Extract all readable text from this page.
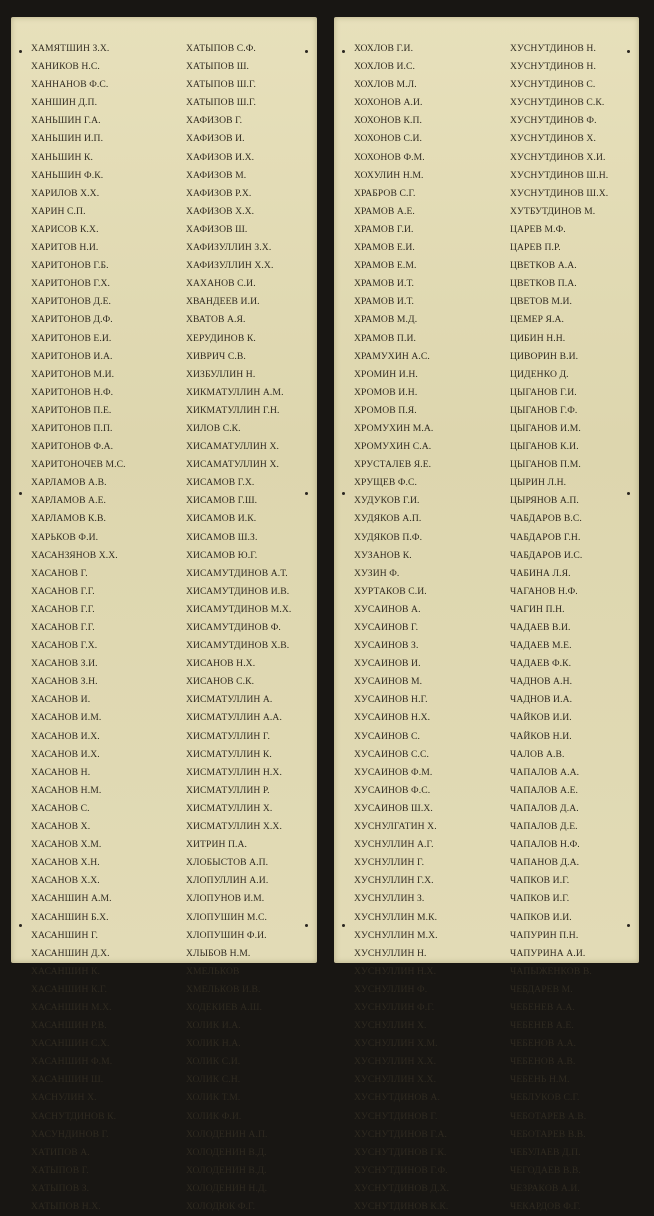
ХАМЯТШИН З.Х.
ХАНИКОВ Н.С.
ХАННАНОВ Ф.С.
ХАНШИН Д.П.
ХАНЬШИН Г.А.
ХАНЬШИН И.П.
ХАНЬШИН К.
ХАНЬШИН Ф.К.
ХАРИЛОВ Х.Х.
ХАРИН С.П.
ХАРИСОВ К.Х.
ХАРИТОВ Н.И.
ХАРИТОНОВ Г.Б.
ХАРИТОНОВ Г.Х.
ХАРИТОНОВ Д.Е.
ХАРИТОНОВ Д.Ф.
ХАРИТОНОВ Е.И.
ХАРИТОНОВ И.А.
ХАРИТОНОВ М.И.
ХАРИТОНОВ Н.Ф.
ХАРИТОНОВ П.Е.
ХАРИТОНОВ П.П.
ХАРИТОНОВ Ф.А.
ХАРИТОНОЧЕВ М.С.
ХАРЛАМОВ А.В.
ХАРЛАМОВ А.Е.
ХАРЛАМОВ К.В.
ХАРЬКОВ Ф.И.
ХАСАНЗЯНОВ Х.Х.
ХАСАНОВ Г.
ХАСАНОВ Г.Г.
ХАСАНОВ Г.Г.
ХАСАНОВ Г.Г.
ХАСАНОВ Г.Х.
ХАСАНОВ З.И.
ХАСАНОВ З.Н.
ХАСАНОВ И.
ХАСАНОВ И.М.
ХАСАНОВ И.Х.
ХАСАНОВ И.Х.
ХАСАНОВ Н.
ХАСАНОВ Н.М.
ХАСАНОВ С.
ХАСАНОВ Х.
ХАСАНОВ Х.М.
ХАСАНОВ Х.Н.
ХАСАНОВ Х.Х.
ХАСАНШИН А.М.
ХАСАНШИН Б.Х.
ХАСАНШИН Г.
ХАСАНШИН Д.Х.
ХАСАНШИН К.
ХАСАНШИН К.Г.
ХАСАНШИН М.Х.
ХАСАНШИН Р.В.
ХАСАНШИН С.Х.
ХАСАНШИН Ф.М.
ХАСАНШИН Ш.
ХАСНУЛИН Х.
ХАСНУТДИНОВ К.
ХАСУНДИНОВ Г.
ХАТИПОВ А.
ХАТЫПОВ Г.
ХАТЫПОВ З.
ХАТЫПОВ Н.Х.
ХАТЫПОВ С.Ф.
ХАТЫПОВ Ш.
ХАТЫПОВ Ш.Г.
ХАТЫПОВ Ш.Г.
ХАФИЗОВ Г.
ХАФИЗОВ И.
ХАФИЗОВ И.Х.
ХАФИЗОВ М.
ХАФИЗОВ Р.Х.
ХАФИЗОВ Х.Х.
ХАФИЗОВ Ш.
ХАФИЗУЛЛИН З.Х.
ХАФИЗУЛЛИН Х.Х.
ХАХАНОВ С.И.
ХВАНДЕЕВ И.И.
ХВАТОВ А.Я.
ХЕРУДИНОВ К.
ХИВРИЧ С.В.
ХИЗБУЛЛИН Н.
ХИКМАТУЛЛИН А.М.
ХИКМАТУЛЛИН Г.Н.
ХИЛОВ С.К.
ХИСАМАТУЛЛИН Х.
ХИСАМАТУЛЛИН Х.
ХИСАМОВ Г.Х.
ХИСАМОВ Г.Ш.
ХИСАМОВ И.К.
ХИСАМОВ Ш.З.
ХИСАМОВ Ю.Г.
ХИСАМУТДИНОВ А.Т.
ХИСАМУТДИНОВ И.В.
ХИСАМУТДИНОВ М.Х.
ХИСАМУТДИНОВ Ф.
ХИСАМУТДИНОВ Х.В.
ХИСАНОВ Н.Х.
ХИСАНОВ С.К.
ХИСМАТУЛЛИН А.
ХИСМАТУЛЛИН А.А.
ХИСМАТУЛЛИН Г.
ХИСМАТУЛЛИН К.
ХИСМАТУЛЛИН Н.Х.
ХИСМАТУЛЛИН Р.
ХИСМАТУЛЛИН Х.
ХИСМАТУЛЛИН Х.Х.
ХИТРИН П.А.
ХЛОБЫСТОВ А.П.
ХЛОПУЛЛИН А.И.
ХЛОПУНОВ И.М.
ХЛОПУШИН М.С.
ХЛОПУШИН Ф.И.
ХЛЫБОВ Н.М.
ХМЕЛЬКОВ
ХМЕЛЬКОВ И.В.
ХОДЕКИЕВ А.Ш.
ХОЛИК И.А.
ХОЛИК Н.А.
ХОЛИК С.И.
ХОЛИК С.Н.
ХОЛИК Т.М.
ХОЛИК Ф.И.
ХОЛОДЕНИН А.П.
ХОЛОДЕНИН В.Д.
ХОЛОДЕНИН В.Д.
ХОЛОДЕНИН Н.Д.
ХОЛОДЮК Ф.Г.
ХОХЛОВ Г.И.
ХОХЛОВ И.С.
ХОХЛОВ М.Л.
ХОХОНОВ А.И.
ХОХОНОВ К.П.
ХОХОНОВ С.И.
ХОХОНОВ Ф.М.
ХОХУЛИН Н.М.
ХРАБРОВ С.Г.
ХРАМОВ А.Е.
ХРАМОВ Г.И.
ХРАМОВ Е.И.
ХРАМОВ Е.М.
ХРАМОВ И.Т.
ХРАМОВ И.Т.
ХРАМОВ М.Д.
ХРАМОВ П.И.
ХРАМУХИН А.С.
ХРОМИН И.Н.
ХРОМОВ И.Н.
ХРОМОВ П.Я.
ХРОМУХИН М.А.
ХРОМУХИН С.А.
ХРУСТАЛЕВ Я.Е.
ХРУЩЕВ Ф.С.
ХУДУКОВ Г.И.
ХУДЯКОВ А.П.
ХУДЯКОВ П.Ф.
ХУЗАНОВ К.
ХУЗИН Ф.
ХУРТАКОВ С.И.
ХУСАИНОВ А.
ХУСАИНОВ Г.
ХУСАИНОВ З.
ХУСАИНОВ И.
ХУСАИНОВ М.
ХУСАИНОВ Н.Г.
ХУСАИНОВ Н.Х.
ХУСАИНОВ С.
ХУСАИНОВ С.С.
ХУСАИНОВ Ф.М.
ХУСАИНОВ Ф.С.
ХУСАИНОВ Ш.Х.
ХУСНУЛГАТИН Х.
ХУСНУЛЛИН А.Г.
ХУСНУЛЛИН Г.
ХУСНУЛЛИН Г.Х.
ХУСНУЛЛИН З.
ХУСНУЛЛИН М.К.
ХУСНУЛЛИН М.Х.
ХУСНУЛЛИН Н.
ХУСНУЛЛИН Н.Х.
ХУСНУЛЛИН Ф.
ХУСНУЛЛИН Ф.Г.
ХУСНУЛЛИН Х.
ХУСНУЛЛИН Х.М.
ХУСНУЛЛИН Х.Х.
ХУСНУЛЛИН Х.Х.
ХУСНУТДИНОВ А.
ХУСНУТДИНОВ Г.
ХУСНУТДИНОВ Г.А.
ХУСНУТДИНОВ Г.К.
ХУСНУТДИНОВ Г.Ф.
ХУСНУТДИНОВ Д.Х.
ХУСНУТДИНОВ К.К.
ХУСНУТДИНОВ Н.
ХУСНУТДИНОВ Н.
ХУСНУТДИНОВ С.
ХУСНУТДИНОВ С.К.
ХУСНУТДИНОВ Ф.
ХУСНУТДИНОВ Х.
ХУСНУТДИНОВ Х.И.
ХУСНУТДИНОВ Ш.Н.
ХУСНУТДИНОВ Ш.Х.
ХУТБУТДИНОВ М.
ЦАРЕВ М.Ф.
ЦАРЕВ П.Р.
ЦВЕТКОВ А.А.
ЦВЕТКОВ П.А.
ЦВЕТОВ М.И.
ЦЕМЕР Я.А.
ЦИБИН Н.Н.
ЦИВОРИН В.И.
ЦИДЕНКО Д.
ЦЫГАНОВ Г.И.
ЦЫГАНОВ Г.Ф.
ЦЫГАНОВ И.М.
ЦЫГАНОВ К.И.
ЦЫГАНОВ П.М.
ЦЫРИН Л.Н.
ЦЫРЯНОВ А.П.
ЧАБДАРОВ В.С.
ЧАБДАРОВ Г.Н.
ЧАБДАРОВ И.С.
ЧАБИНА Л.Я.
ЧАГАНОВ Н.Ф.
ЧАГИН П.Н.
ЧАДАЕВ В.И.
ЧАДАЕВ М.Е.
ЧАДАЕВ Ф.К.
ЧАДНОВ А.Н.
ЧАДНОВ И.А.
ЧАЙКОВ И.И.
ЧАЙКОВ Н.И.
ЧАЛОВ А.В.
ЧАПАЛОВ А.А.
ЧАПАЛОВ А.Е.
ЧАПАЛОВ Д.А.
ЧАПАЛОВ Д.Е.
ЧАПАЛОВ Н.Ф.
ЧАПАНОВ Д.А.
ЧАПКОВ И.Г.
ЧАПКОВ И.Г.
ЧАПКОВ И.И.
ЧАПУРИН П.Н.
ЧАПУРИНА А.И.
ЧАПЫЖЕНКОВ В.
ЧЕБДАРЕВ М.
ЧЕБЕНЕВ А.А.
ЧЕБЕНЕВ А.Е.
ЧЕБЕНОВ А.А.
ЧЕБЕНОВ А.В.
ЧЕБЕНЬ Н.М.
ЧЕБЛУКОВ С.Г.
ЧЕБОТАРЕВ А.В.
ЧЕБОТАРЕВ В.В.
ЧЕБУЛАЕВ Д.П.
ЧЕГОДАЕВ В.В.
ЧЕЗРАКОВ А.И.
ЧЕКАРДОВ Ф.Г.
